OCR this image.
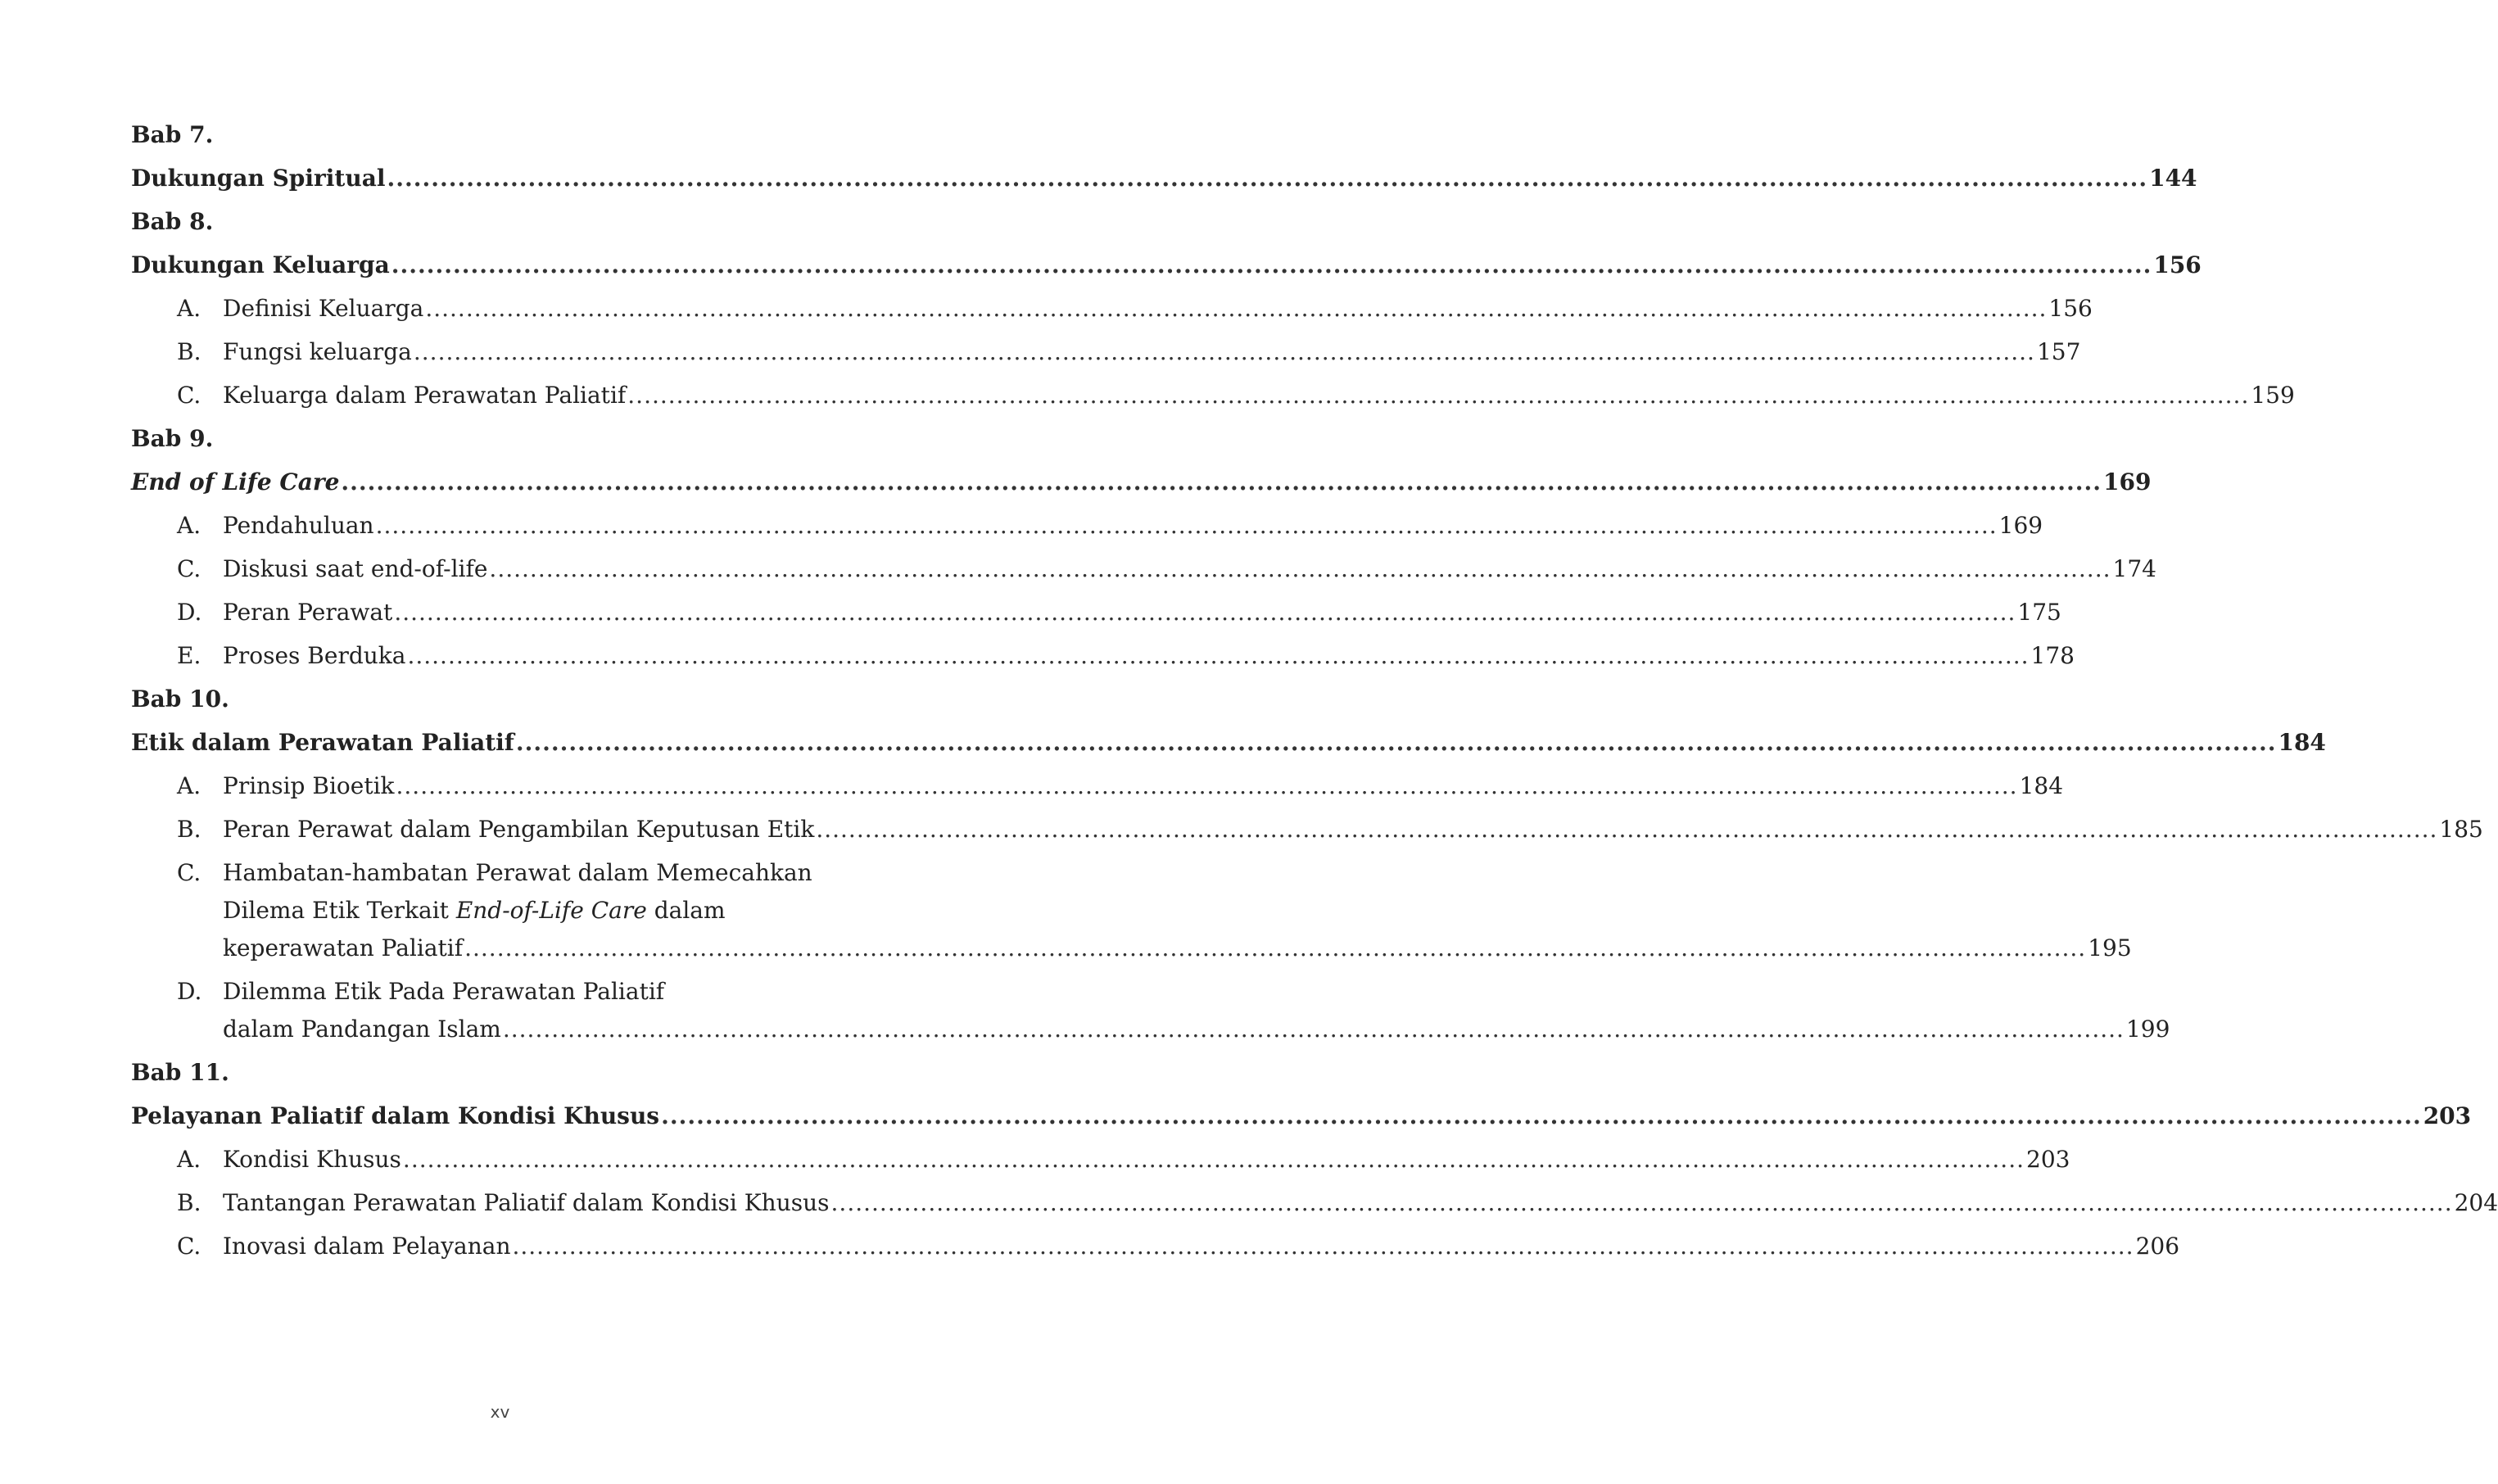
Bab 7.
Dukungan Spiritual ........................................................................................................................................................................................................ 144
Bab 8.
Dukungan Keluarga ........................................................................................................................................................................................................ 156
A. Definisi Keluarga ........................................................................................................................................................................................................ 156
B. Fungsi keluarga ........................................................................................................................................................................................................ 157
C. Keluarga dalam Perawatan Paliatif ........................................................................................................................................................................................................ 159
Bab 9.
End of Life Care ........................................................................................................................................................................................................ 169
A. Pendahuluan ........................................................................................................................................................................................................ 169
C. Diskusi saat end-of-life ........................................................................................................................................................................................................ 174
D. Peran Perawat ........................................................................................................................................................................................................ 175
E. Proses Berduka ........................................................................................................................................................................................................ 178
Bab 10.
Etik dalam Perawatan Paliatif ........................................................................................................................................................................................................ 184
A. Prinsip Bioetik ........................................................................................................................................................................................................ 184
B. Peran Perawat dalam Pengambilan Keputusan Etik ........................................................................................................................................................................................................ 185
C. Hambatan-hambatan Perawat dalam Memecahkan
Dilema Etik Terkait
End-of-Life Care
dalam
keperawatan Paliatif ........................................................................................................................................................................................................ 195
D. Dilemma Etik Pada Perawatan Paliatif
dalam Pandangan Islam ........................................................................................................................................................................................................ 199
Bab 11.
Pelayanan Paliatif dalam Kondisi Khusus ........................................................................................................................................................................................................ 203
A. Kondisi Khusus ........................................................................................................................................................................................................ 203
B. Tantangan Perawatan Paliatif dalam Kondisi Khusus ........................................................................................................................................................................................................ 204
C. Inovasi dalam Pelayanan ........................................................................................................................................................................................................ 206
xv
